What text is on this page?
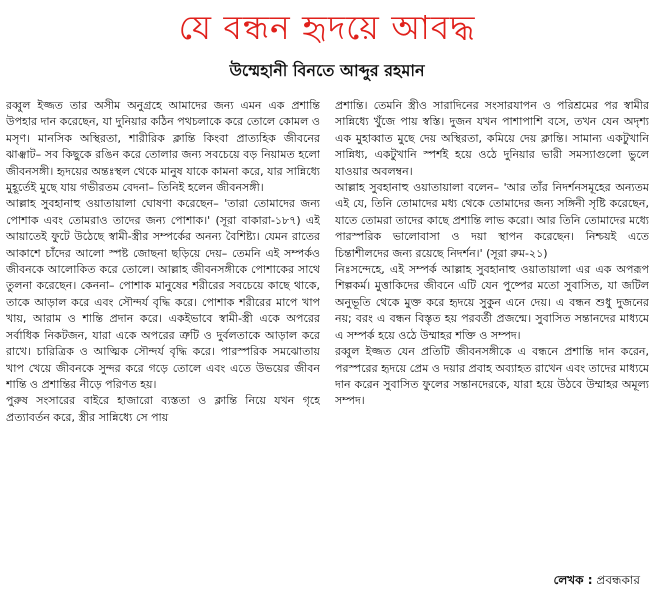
যে বন্ধন হৃদয়ে আবদ্ধ
উম্মেহানী বিনতে আব্দুর রহমান

রব্বুল ইজ্জত তার অসীম অনুগ্রহে আমাদের জন্য এমন এক প্রশান্তি উপহার দান করেছেন, যা দুনিয়ার কঠিন পথচলাকে করে তোলে কোমল ও মসৃণ। মানসিক অস্থিরতা, শারীরিক ক্লান্তি কিংবা প্রাত্যহিক জীবনের ঝাঞ্ঝাট– সব কিছুকে রঙিন করে তোলার জন্য সবচেয়ে বড় নিয়ামত হলো জীবনসঙ্গী। হৃদয়ের অন্তঃস্থল থেকে মানুষ যাকে কামনা করে, যার সান্নিধ্যে মুহূর্তেই মুছে যায় গভীরতম বেদনা– তিনিই হলেন জীবনসঙ্গী।

আল্লাহ সুবহানাহু ওয়াতায়ালা ঘোষণা করেছেন– 'তারা তোমাদের জন্য পোশাক এবং তোমরাও তাদের জন্য পোশাক।' (সূরা বাকারা-১৮৭) এই আয়াতেই ফুটে উঠেছে স্বামী-স্ত্রীর সম্পর্কের অনন্য বৈশিষ্ট্য। যেমন রাতের আকাশে চাঁদের আলো স্পষ্ট জোছনা ছড়িয়ে দেয়– তেমনি এই সম্পর্কও জীবনকে আলোকিত করে তোলে। আল্লাহ জীবনসঙ্গীকে পোশাকের সাথে তুলনা করেছেন। কেননা– পোশাক মানুষের শরীরের সবচেয়ে কাছে থাকে, তাকে আড়াল করে এবং সৌন্দর্য বৃদ্ধি করে। পোশাক শরীরের মাপে খাপ খায়, আরাম ও শান্তি প্রদান করে। একইভাবে স্বামী-স্ত্রী একে অপরের সর্বাধিক নিকটজন, যারা একে অপরের ত্রুটি ও দুর্বলতাকে আড়াল করে রাখে। চারিত্রিক ও আত্মিক সৌন্দর্য বৃদ্ধি করে। পারস্পরিক সমঝোতায় খাপ খেয়ে জীবনকে সুন্দর করে গড়ে তোলে এবং এতে উভয়ের জীবন শান্তি ও প্রশান্তির নীড়ে পরিণত হয়।

পুরুষ সংসারের বাইরে হাজারো ব্যস্ততা ও ক্লান্তি নিয়ে যখন গৃহে প্রত্যাবর্তন করে, স্ত্রীর সান্নিধ্যে সে পায়

প্রশান্তি। তেমনি স্ত্রীও সারাদিনের সংসারযাপন ও পরিশ্রমের পর স্বামীর সান্নিধ্যে খুঁজে পায় স্বস্তি। দুজন যখন পাশাপাশি বসে, তখন যেন অদৃশ্য এক মুহাব্বাত মুছে দেয় অস্থিরতা, কমিয়ে দেয় ক্লান্তি। সামান্য একটুখানি সান্নিধ্য, একটুখানি স্পর্শই হয়ে ওঠে দুনিয়ার ভারী সমস্যাগুলো ভুলে যাওয়ার অবলম্বন।

আল্লাহ সুবহানাহু ওয়াতায়ালা বলেন– 'আর তাঁর নিদর্শনসমূহের অন্যতম এই যে, তিনি তোমাদের মধ্য থেকে তোমাদের জন্য সঙ্গিনী সৃষ্টি করেছেন, যাতে তোমরা তাদের কাছে প্রশান্তি লাভ করো। আর তিনি তোমাদের মধ্যে পারস্পরিক ভালোবাসা ও দয়া স্থাপন করেছেন। নিশ্চয়ই এতে চিন্তাশীলদের জন্য রয়েছে নিদর্শন।' (সূরা রুম-২১)

নিঃসন্দেহে, এই সম্পর্ক আল্লাহ সুবহানাহু ওয়াতায়ালা এর এক অপরূপ শিল্পকর্ম। মুত্তাকিদের জীবনে এটি যেন পুষ্পের মতো সুবাসিত, যা জটিল অনুভূতি থেকে মুক্ত করে হৃদয়ে সুকুন এনে দেয়। এ বন্ধন শুধু দুজনের নয়; বরং এ বন্ধন বিস্তৃত হয় পরবর্তী প্রজন্মে। সুবাসিত সন্তানদের মাধ্যমে এ সম্পর্ক হয়ে ওঠে উম্মাহর শক্তি ও সম্পদ।

রব্বুল ইজ্জত যেন প্রতিটি জীবনসঙ্গীকে এ বন্ধনে প্রশান্তি দান করেন, পরস্পরের হৃদয়ে প্রেম ও দয়ার প্রবাহ অব্যাহত রাখেন এবং তাদের মাধ্যমে দান করেন সুবাসিত ফুলের সন্তানদেরকে, যারা হয়ে উঠবে উম্মাহর অমূল্য সম্পদ।

লেখক : প্রবন্ধকার
